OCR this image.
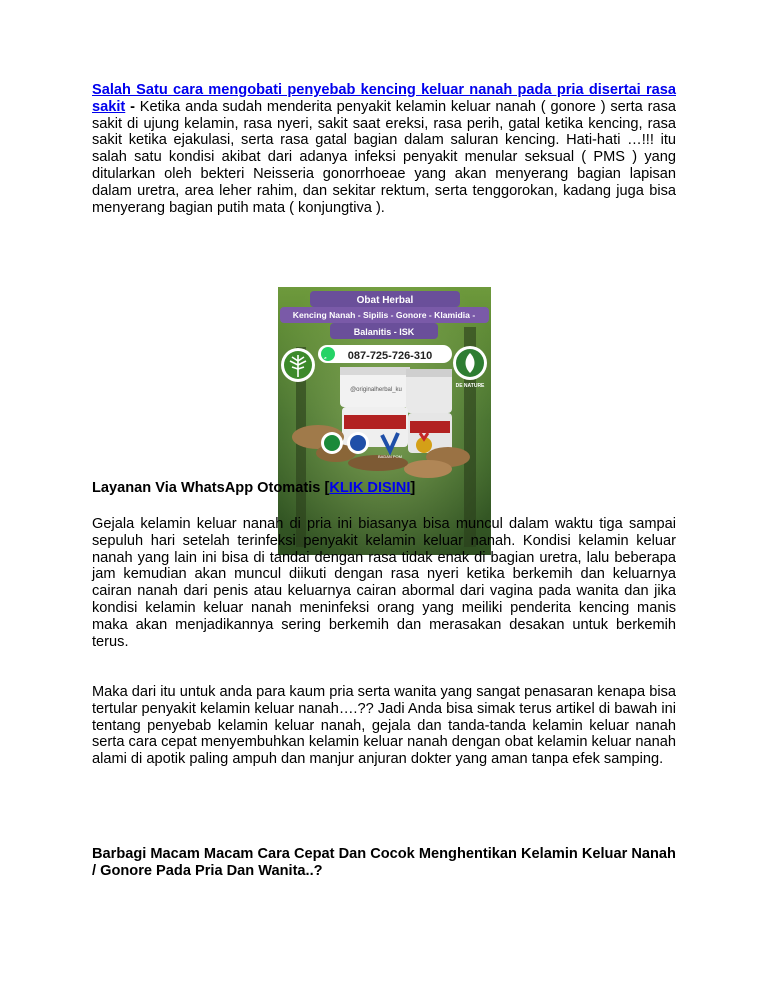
Salah Satu cara mengobati penyebab kencing keluar nanah pada pria disertai rasa sakit - Ketika anda sudah menderita penyakit kelamin keluar nanah ( gonore ) serta rasa sakit di ujung kelamin, rasa nyeri, sakit saat ereksi, rasa perih, gatal ketika kencing, rasa sakit ketika ejakulasi, serta rasa gatal bagian dalam saluran kencing. Hati-hati …!!! itu salah satu kondisi akibat dari adanya infeksi penyakit menular seksual ( PMS ) yang ditularkan oleh bekteri Neisseria gonorrhoeae yang akan menyerang bagian lapisan dalam uretra, area leher rahim, dan sekitar rektum, serta tenggorokan, kadang juga bisa menyerang bagian putih mata ( konjungtiva ).

Obat Herbal
Kencing Nanah - Sipilis - Gonore - Klamidia -
Balanitis - ISK
DE NATURE
087-725-726-310
@originalherbal_ku
BADAN POM

Layanan Via WhatsApp Otomatis [KLIK DISINI]

Gejala kelamin keluar nanah di pria ini biasanya bisa muncul dalam waktu tiga sampai sepuluh hari setelah terinfeksi penyakit kelamin keluar nanah. Kondisi kelamin keluar nanah yang lain ini bisa di tandai dengan rasa tidak enak di bagian uretra, lalu beberapa jam kemudian akan muncul diikuti dengan rasa nyeri ketika berkemih dan keluarnya cairan nanah dari penis atau keluarnya cairan abormal dari vagina pada wanita dan jika kondisi kelamin keluar nanah meninfeksi orang yang meiliki penderita kencing manis maka akan menjadikannya sering berkemih dan merasakan desakan untuk berkemih terus.

Maka dari itu untuk anda para kaum pria serta wanita yang sangat penasaran kenapa bisa tertular penyakit kelamin keluar nanah….?? Jadi Anda bisa simak terus artikel di bawah ini tentang penyebab kelamin keluar nanah, gejala dan tanda-tanda kelamin keluar nanah serta cara cepat menyembuhkan kelamin keluar nanah dengan obat kelamin keluar nanah alami di apotik paling ampuh dan manjur anjuran dokter yang aman tanpa efek samping.

Barbagi Macam Macam Cara Cepat Dan Cocok Menghentikan Kelamin Keluar Nanah / Gonore Pada Pria Dan Wanita..?
